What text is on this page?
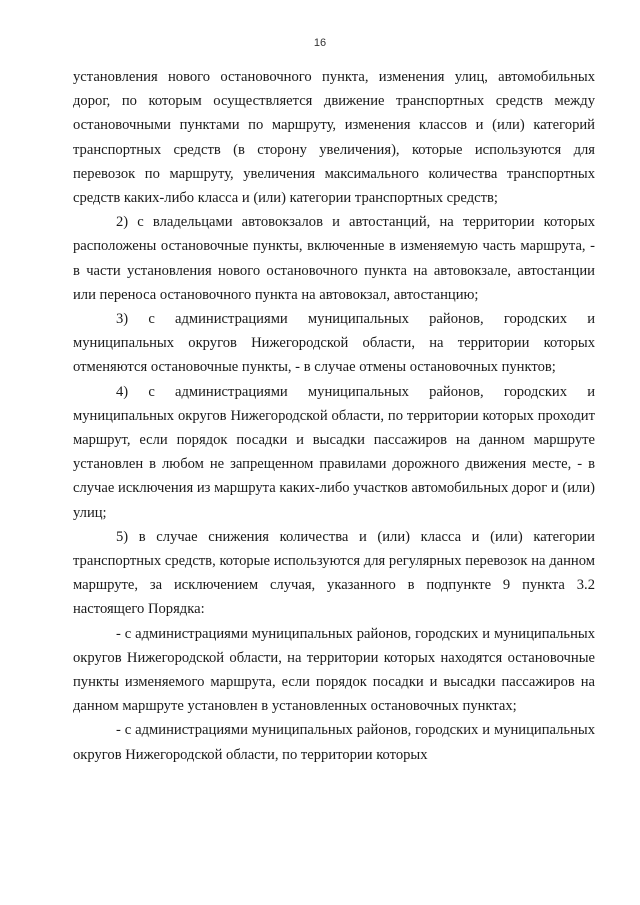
16

установления нового остановочного пункта, изменения улиц, автомобильных дорог, по которым осуществляется движение транспортных средств между остановочными пунктами по маршруту, изменения классов и (или) категорий транспортных средств (в сторону увеличения), которые используются для перевозок по маршруту, увеличения максимального количества транспортных средств каких-либо класса и (или) категории транспортных средств;

2) с владельцами автовокзалов и автостанций, на территории которых расположены остановочные пункты, включенные в изменяемую часть маршрута, - в части установления нового остановочного пункта на автовокзале, автостанции или переноса остановочного пункта на автовокзал, автостанцию;

3) с администрациями муниципальных районов, городских и муниципальных округов Нижегородской области, на территории которых отменяются остановочные пункты, - в случае отмены остановочных пунктов;

4) с администрациями муниципальных районов, городских и муниципальных округов Нижегородской области, по территории которых проходит маршрут, если порядок посадки и высадки пассажиров на данном маршруте установлен в любом не запрещенном правилами дорожного движения месте, - в случае исключения из маршрута каких-либо участков автомобильных дорог и (или) улиц;

5) в случае снижения количества и (или) класса и (или) категории транспортных средств, которые используются для регулярных перевозок на данном маршруте, за исключением случая, указанного в подпункте 9 пункта 3.2 настоящего Порядка:

- с администрациями муниципальных районов, городских и муниципальных округов Нижегородской области, на территории которых находятся остановочные пункты изменяемого маршрута, если порядок посадки и высадки пассажиров на данном маршруте установлен в установленных остановочных пунктах;

- с администрациями муниципальных районов, городских и муниципальных округов Нижегородской области, по территории которых
